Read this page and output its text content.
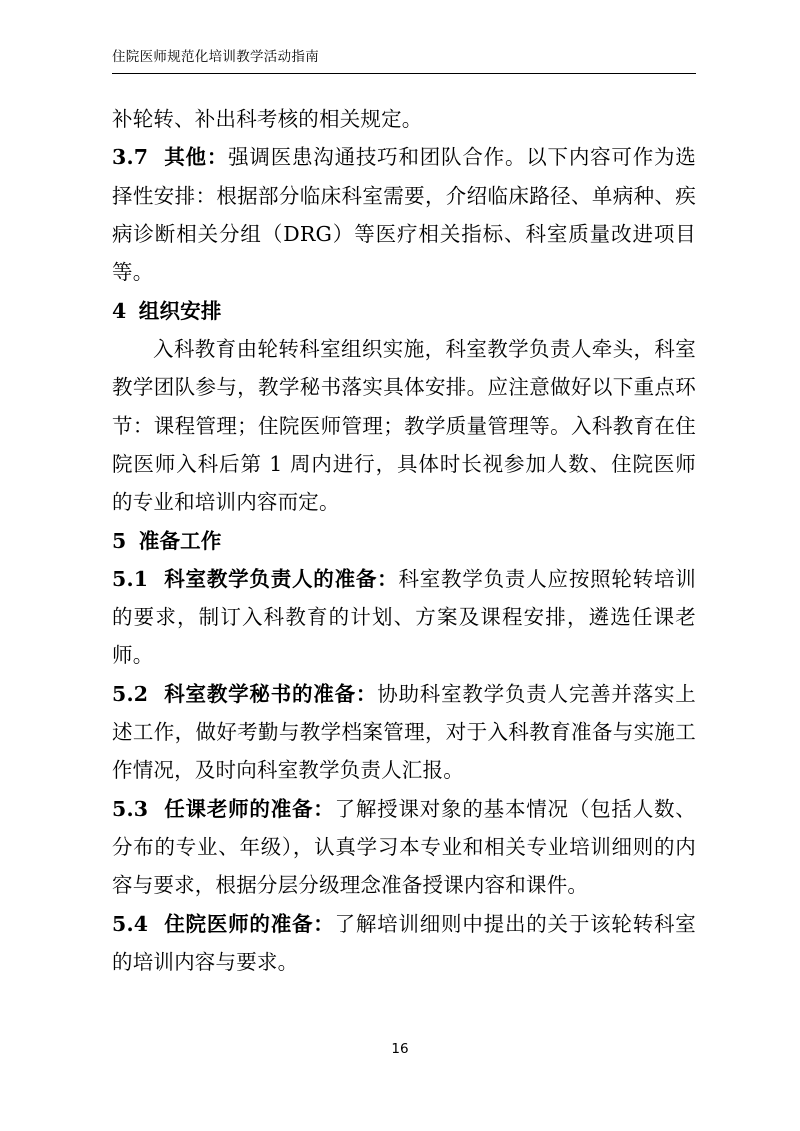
住院医师规范化培训教学活动指南

补轮转、补出科考核的相关规定。

3.7 其他：强调医患沟通技巧和团队合作。以下内容可作为选择性安排：根据部分临床科室需要，介绍临床路径、单病种、疾病诊断相关分组（DRG）等医疗相关指标、科室质量改进项目等。

4 组织安排

入科教育由轮转科室组织实施，科室教学负责人牵头，科室教学团队参与，教学秘书落实具体安排。应注意做好以下重点环节：课程管理；住院医师管理；教学质量管理等。入科教育在住院医师入科后第 1 周内进行，具体时长视参加人数、住院医师的专业和培训内容而定。

5 准备工作

5.1 科室教学负责人的准备：科室教学负责人应按照轮转培训的要求，制订入科教育的计划、方案及课程安排，遴选任课老师。

5.2 科室教学秘书的准备：协助科室教学负责人完善并落实上述工作，做好考勤与教学档案管理，对于入科教育准备与实施工作情况，及时向科室教学负责人汇报。

5.3 任课老师的准备：了解授课对象的基本情况（包括人数、分布的专业、年级），认真学习本专业和相关专业培训细则的内容与要求，根据分层分级理念准备授课内容和课件。

5.4 住院医师的准备：了解培训细则中提出的关于该轮转科室的培训内容与要求。

16
